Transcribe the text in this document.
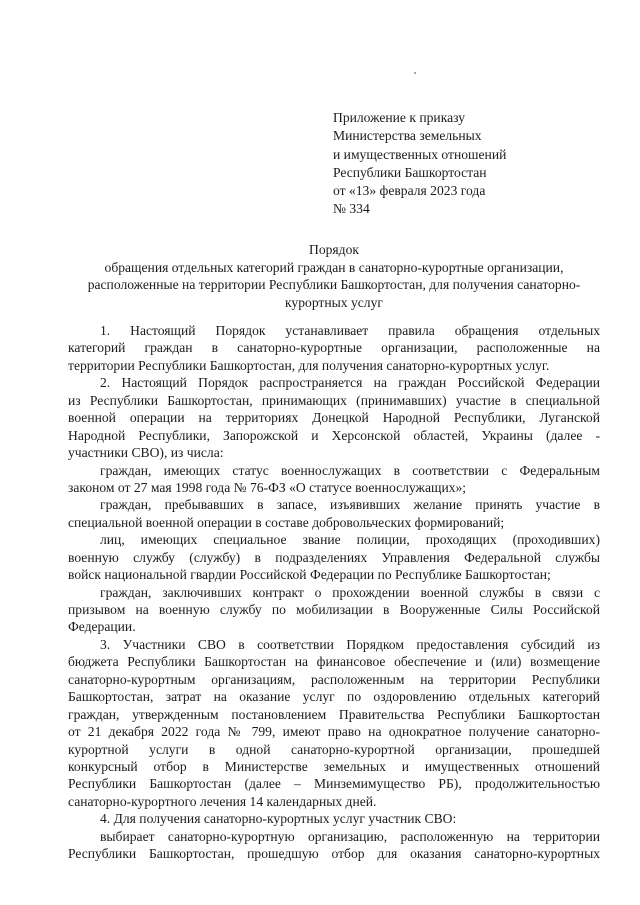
Приложение к приказу
Министерства земельных
и имущественных отношений
Республики Башкортостан
от «13» февраля 2023 года
№ 334
Порядок
обращения отдельных категорий граждан в санаторно-курортные организации,
расположенные на территории Республики Башкортостан, для получения санаторно-
курортных услуг
1. Настоящий Порядок устанавливает правила обращения отдельных
категорий граждан в санаторно-курортные организации, расположенные на
территории Республики Башкортостан, для получения санаторно-курортных услуг.
2. Настоящий Порядок распространяется на граждан Российской Федерации
из Республики Башкортостан, принимающих (принимавших) участие в специальной
военной операции на территориях Донецкой Народной Республики, Луганской
Народной Республики, Запорожской и Херсонской областей, Украины (далее -
участники СВО), из числа:
граждан, имеющих статус военнослужащих в соответствии с Федеральным
законом от 27 мая 1998 года № 76-ФЗ «О статусе военнослужащих»;
граждан, пребывавших в запасе, изъявивших желание принять участие в
специальной военной операции в составе добровольческих формирований;
лиц, имеющих специальное звание полиции, проходящих (проходивших)
военную службу (службу) в подразделениях Управления Федеральной службы
войск национальной гвардии Российской Федерации по Республике Башкортостан;
граждан, заключивших контракт о прохождении военной службы в связи с
призывом на военную службу по мобилизации в Вооруженные Силы Российской
Федерации.
3. Участники СВО в соответствии Порядком предоставления субсидий из
бюджета Республики Башкортостан на финансовое обеспечение и (или) возмещение
санаторно-курортным организациям, расположенным на территории Республики
Башкортостан, затрат на оказание услуг по оздоровлению отдельных категорий
граждан, утвержденным постановлением Правительства Республики Башкортостан
от 21 декабря 2022 года № 799, имеют право на однократное получение санаторно-
курортной услуги в одной санаторно-курортной организации, прошедшей
конкурсный отбор в Министерстве земельных и имущественных отношений
Республики Башкортостан (далее – Минземимущество РБ), продолжительностью
санаторно-курортного лечения 14 календарных дней.
4. Для получения санаторно-курортных услуг участник СВО:
выбирает санаторно-курортную организацию, расположенную на территории
Республики Башкортостан, прошедшую отбор для оказания санаторно-курортных
